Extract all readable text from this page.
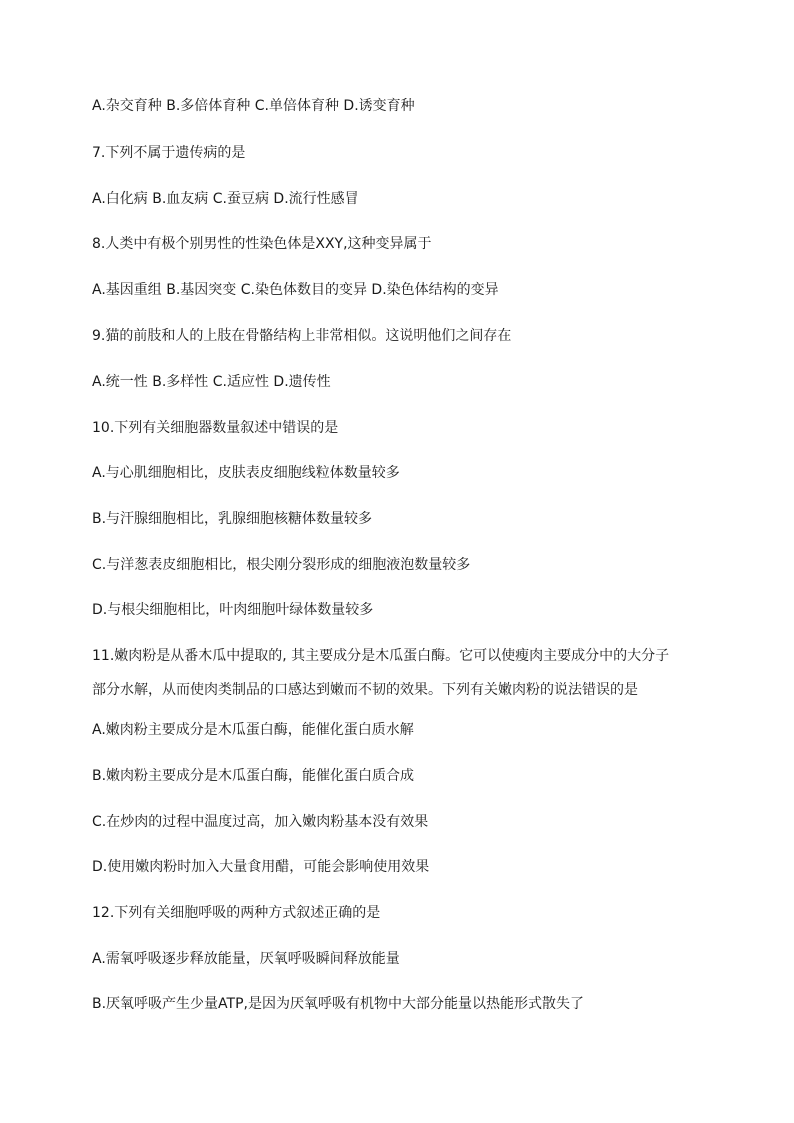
A.杂交育种 B.多倍体育种 C.单倍体育种 D.诱变育种
7.下列不属于遗传病的是
A.白化病 B.血友病 C.蚕豆病 D.流行性感冒
8.人类中有极个别男性的性染色体是XXY,这种变异属于
A.基因重组 B.基因突变 C.染色体数目的变异 D.染色体结构的变异
9.猫的前肢和人的上肢在骨骼结构上非常相似。这说明他们之间存在
A.统一性 B.多样性 C.适应性 D.遗传性
10.下列有关细胞器数量叙述中错误的是
A.与心肌细胞相比，皮肤表皮细胞线粒体数量较多
B.与汗腺细胞相比，乳腺细胞核糖体数量较多
C.与洋葱表皮细胞相比，根尖刚分裂形成的细胞液泡数量较多
D.与根尖细胞相比，叶肉细胞叶绿体数量较多
11.嫩肉粉是从番木瓜中提取的, 其主要成分是木瓜蛋白酶。它可以使瘦肉主要成分中的大分子
部分水解，从而使肉类制品的口感达到嫩而不韧的效果。下列有关嫩肉粉的说法错误的是
A.嫩肉粉主要成分是木瓜蛋白酶，能催化蛋白质水解
B.嫩肉粉主要成分是木瓜蛋白酶，能催化蛋白质合成
C.在炒肉的过程中温度过高，加入嫩肉粉基本没有效果
D.使用嫩肉粉时加入大量食用醋，可能会影响使用效果
12.下列有关细胞呼吸的两种方式叙述正确的是
A.需氧呼吸逐步释放能量，厌氧呼吸瞬间释放能量
B.厌氧呼吸产生少量ATP,是因为厌氧呼吸有机物中大部分能量以热能形式散失了
